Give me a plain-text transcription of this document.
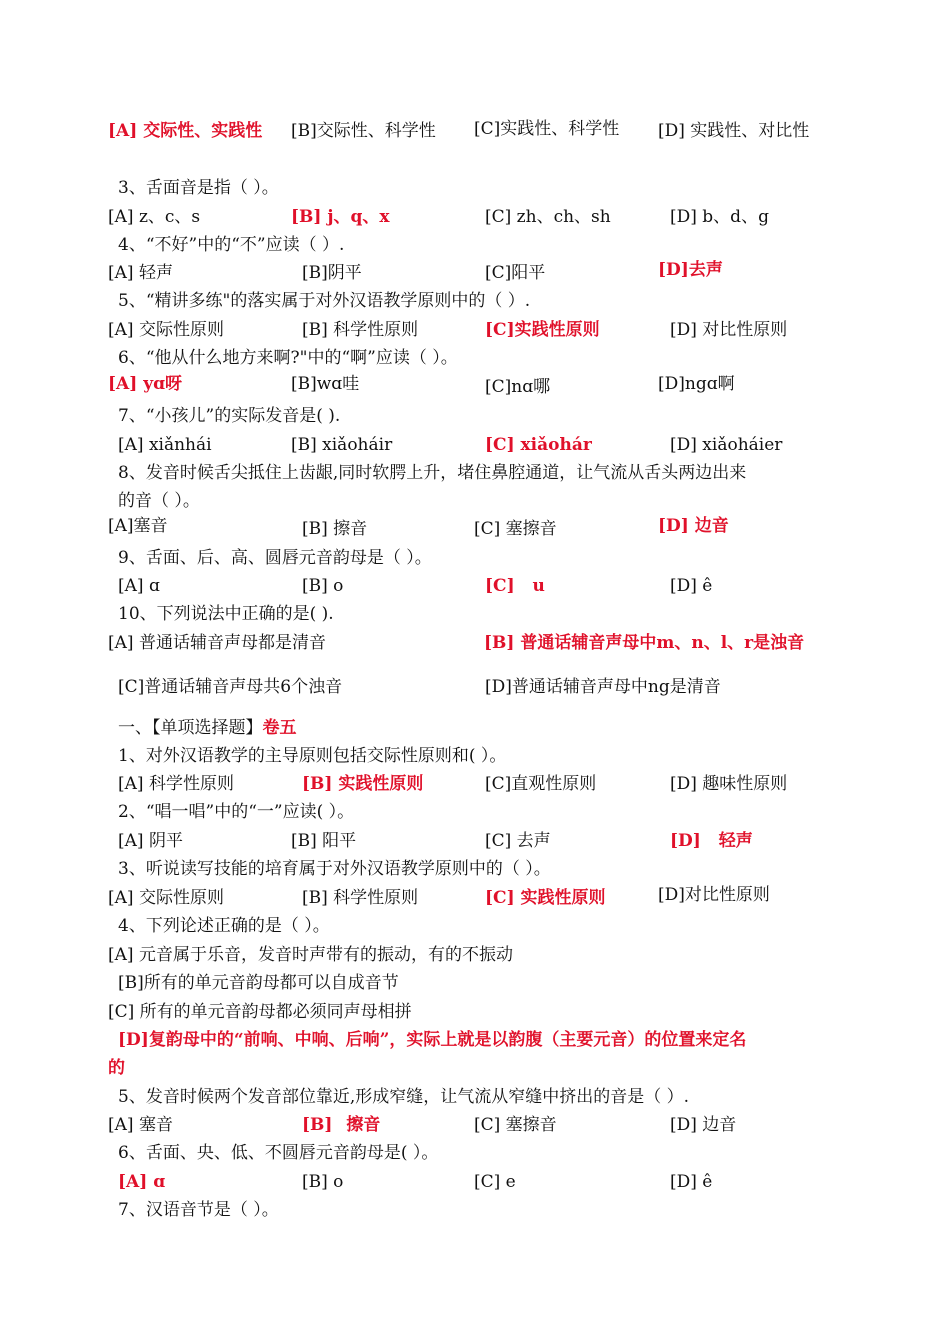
[A] 交际性、实践性	[B]交际性、科学性	[C]实践性、科学性 [D] 实践性、对比性
3、舌面音是指（ ）。
[A] z、c、s	[B] j、q、x	[C] zh、ch、sh	[D] b、d、g
4、“不好”中的“不”应读（ ）.
[A] 轻声	[B]阴平	[C]阳平	[D]去声
5、“精讲多练"的落实属于对外汉语教学原则中的（ ）.
[A] 交际性原则	[B] 科学性原则	[C]实践性原则	[D] 对比性原则
6、“他从什么地方来啊?"中的“啊”应读（ ）。
[A] yɑ呀	[B]wɑ哇	[C]nɑ哪	[D]ngɑ啊
7、“小孩儿”的实际发音是( ).
[A] xiǎnhái	[B] xiǎoháir	[C] xiǎohár	[D] xiǎoháier
8、发音时候舌尖抵住上齿龈,同时软腭上升，堵住鼻腔通道，让气流从舌头两边出来
的音（ ）。
[A]塞音	[B] 擦音	[C] 塞擦音	[D] 边音
9、舌面、后、高、圆唇元音韵母是（ ）。
[A] ɑ	[B] o	[C] u	[D] ê
10、下列说法中正确的是( ).
[A] 普通话辅音声母都是清音	[B] 普通话辅音声母中m、n、l、r是浊音
[C]普通话辅音声母共6个浊音	[D]普通话辅音声母中ng是清音
一、【单项选择题】卷五
1、对外汉语教学的主导原则包括交际性原则和( ）。
[A] 科学性原则	[B] 实践性原则	[C]直观性原则	[D] 趣味性原则
2、“唱一唱”中的“一”应读( ）。
[A] 阴平	[B] 阳平	[C] 去声	[D] 轻声
3、听说读写技能的培育属于对外汉语教学原则中的（ ）。
[A] 交际性原则	[B] 科学性原则	[C] 实践性原则	[D]对比性原则
4、下列论述正确的是（ ）。
[A] 元音属于乐音，发音时声带有的振动，有的不振动
[B]所有的单元音韵母都可以自成音节
[C] 所有的单元音韵母都必须同声母相拼
[D]复韵母中的“前响、中响、后响”，实际上就是以韵腹（主要元音）的位置来定名
的
5、发音时候两个发音部位靠近,形成窄缝，让气流从窄缝中挤出的音是（ ）.
[A] 塞音	[B] 擦音	[C] 塞擦音	[D] 边音
6、舌面、央、低、不圆唇元音韵母是( ）。
[A] ɑ	[B] o	[C] e	[D] ê
7、汉语音节是（ ）。
